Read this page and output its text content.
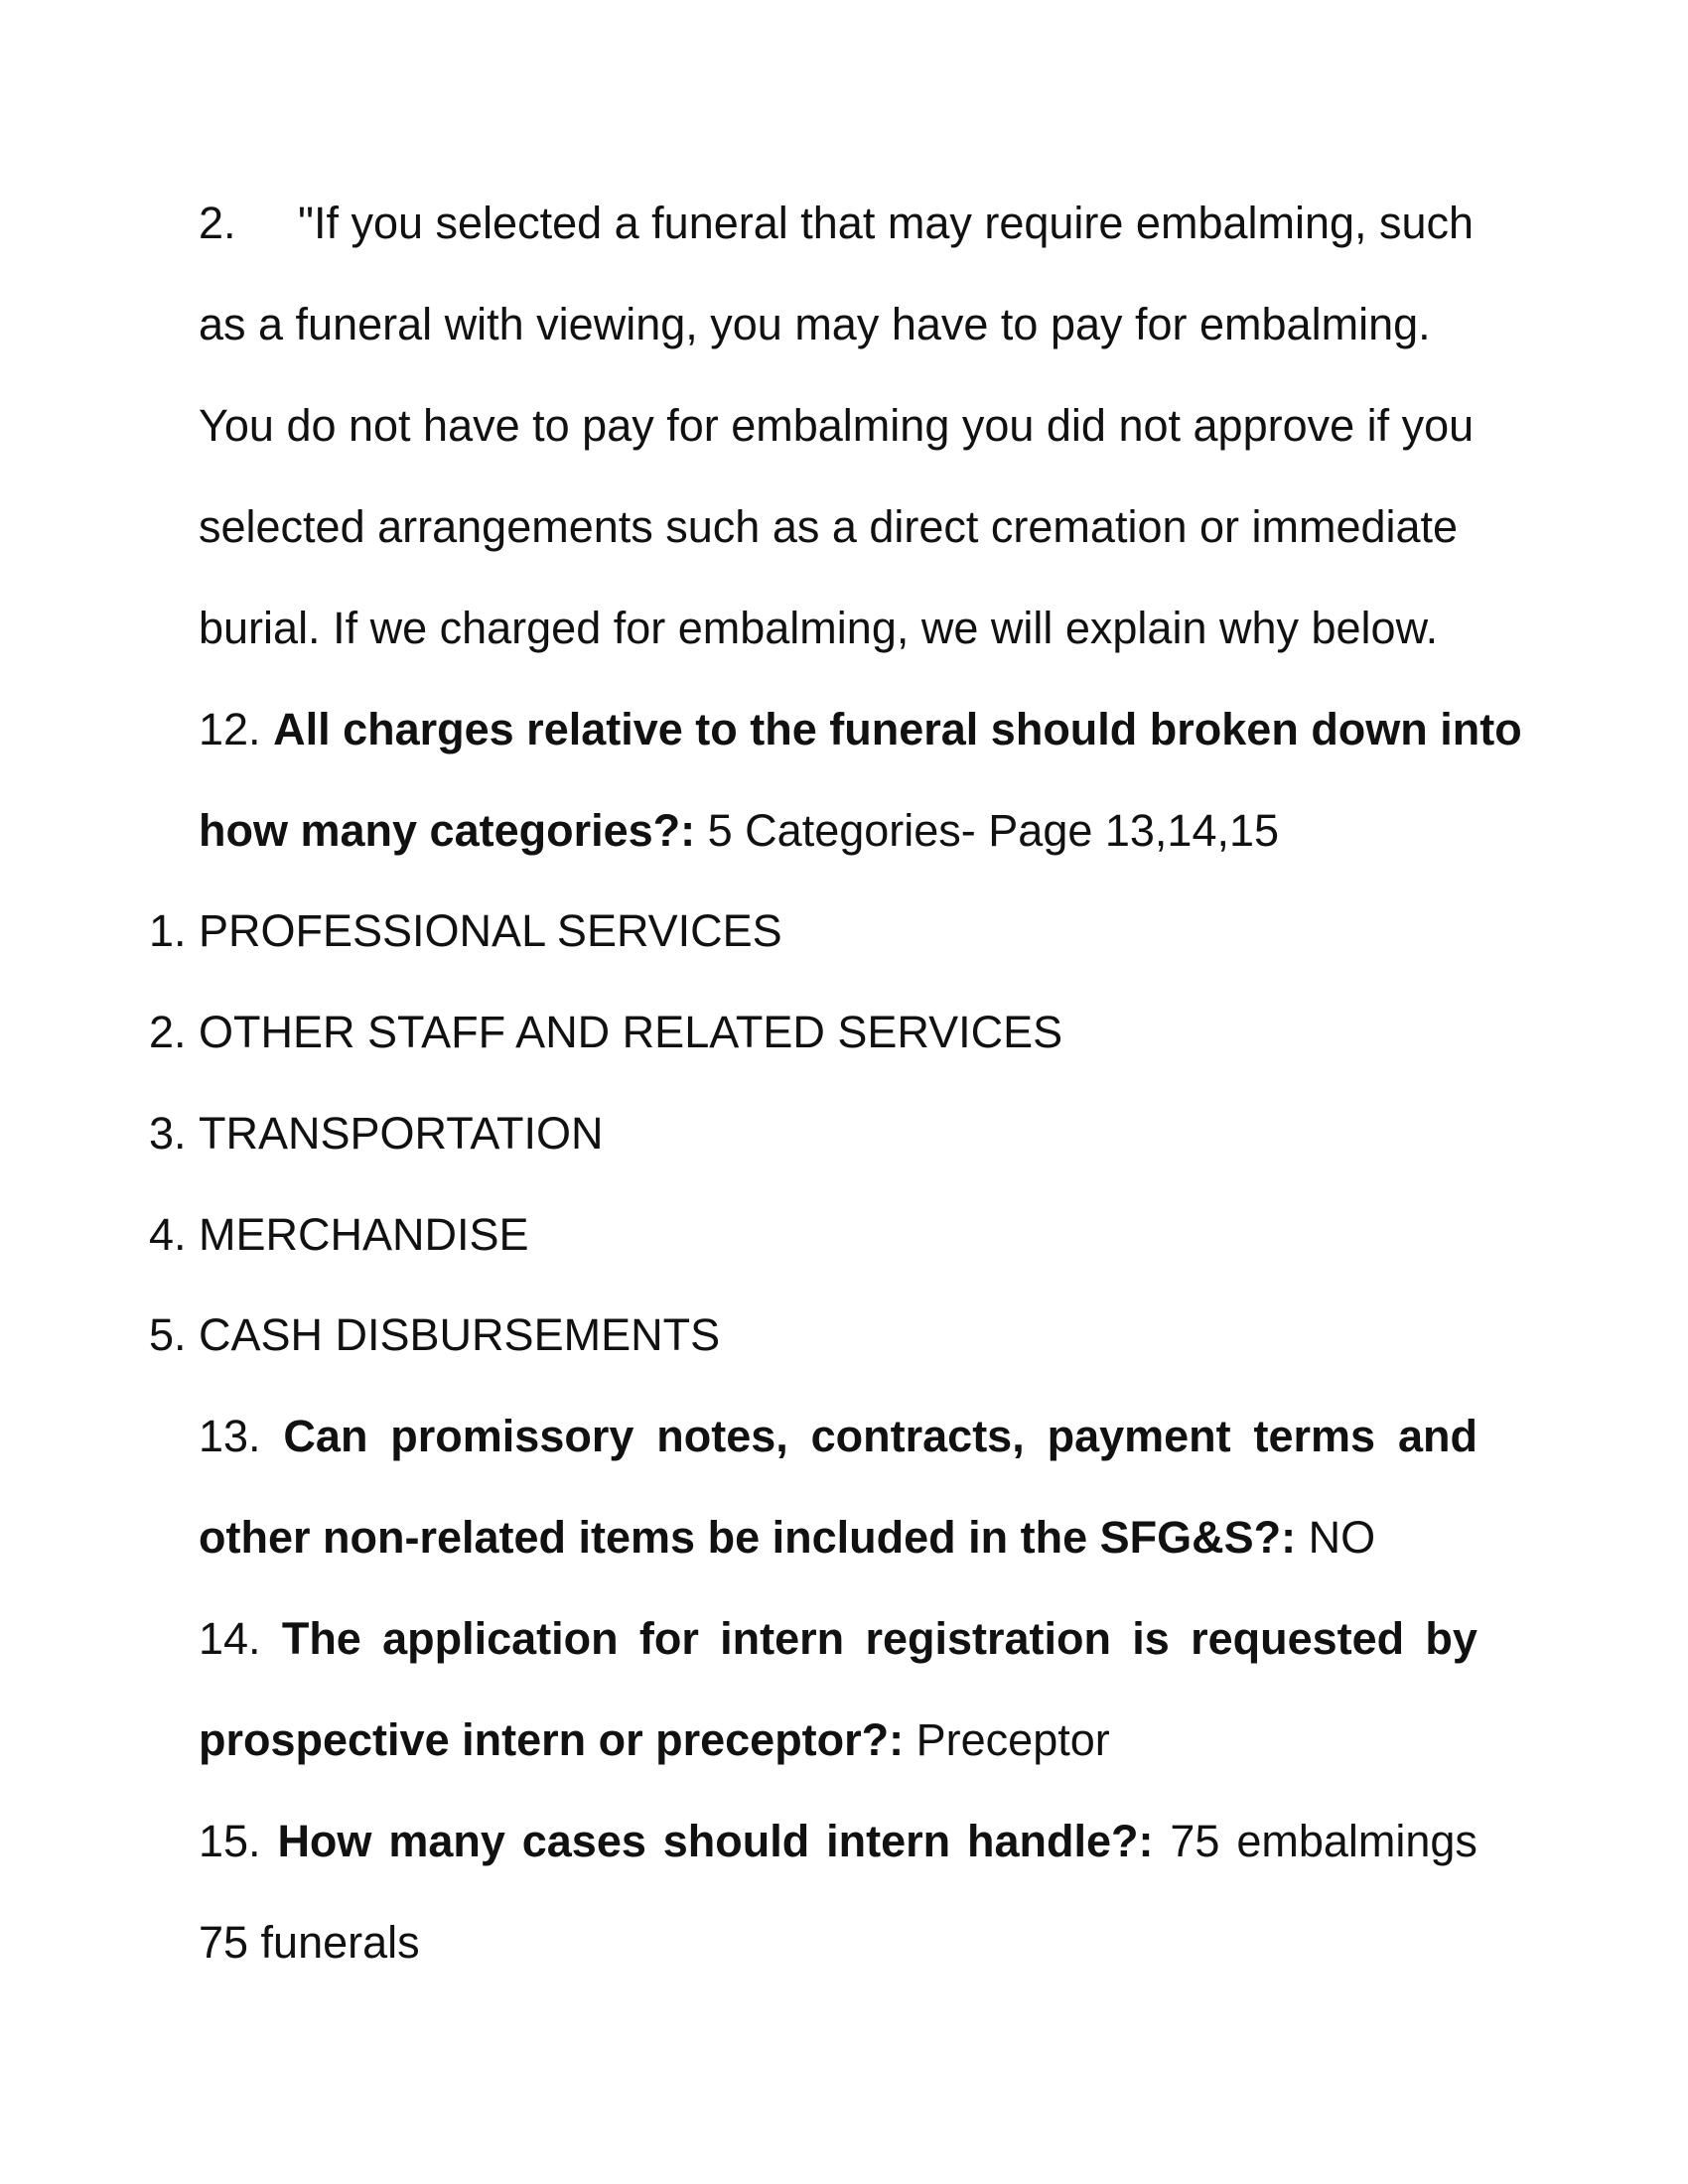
2. "If you selected a funeral that may require embalming, such
as a funeral with viewing, you may have to pay for embalming.
You do not have to pay for embalming you did not approve if you
selected arrangements such as a direct cremation or immediate
burial. If we charged for embalming, we will explain why below.
12. All charges relative to the funeral should broken down into
how many categories?: 5 Categories- Page 13,14,15
1. PROFESSIONAL SERVICES
2. OTHER STAFF AND RELATED SERVICES
3. TRANSPORTATION
4. MERCHANDISE
5. CASH DISBURSEMENTS
13. Can promissory notes, contracts, payment terms and
other non-related items be included in the SFG&S?: NO
14. The application for intern registration is requested by
prospective intern or preceptor?: Preceptor
15. How many cases should intern handle?: 75 embalmings
75 funerals
